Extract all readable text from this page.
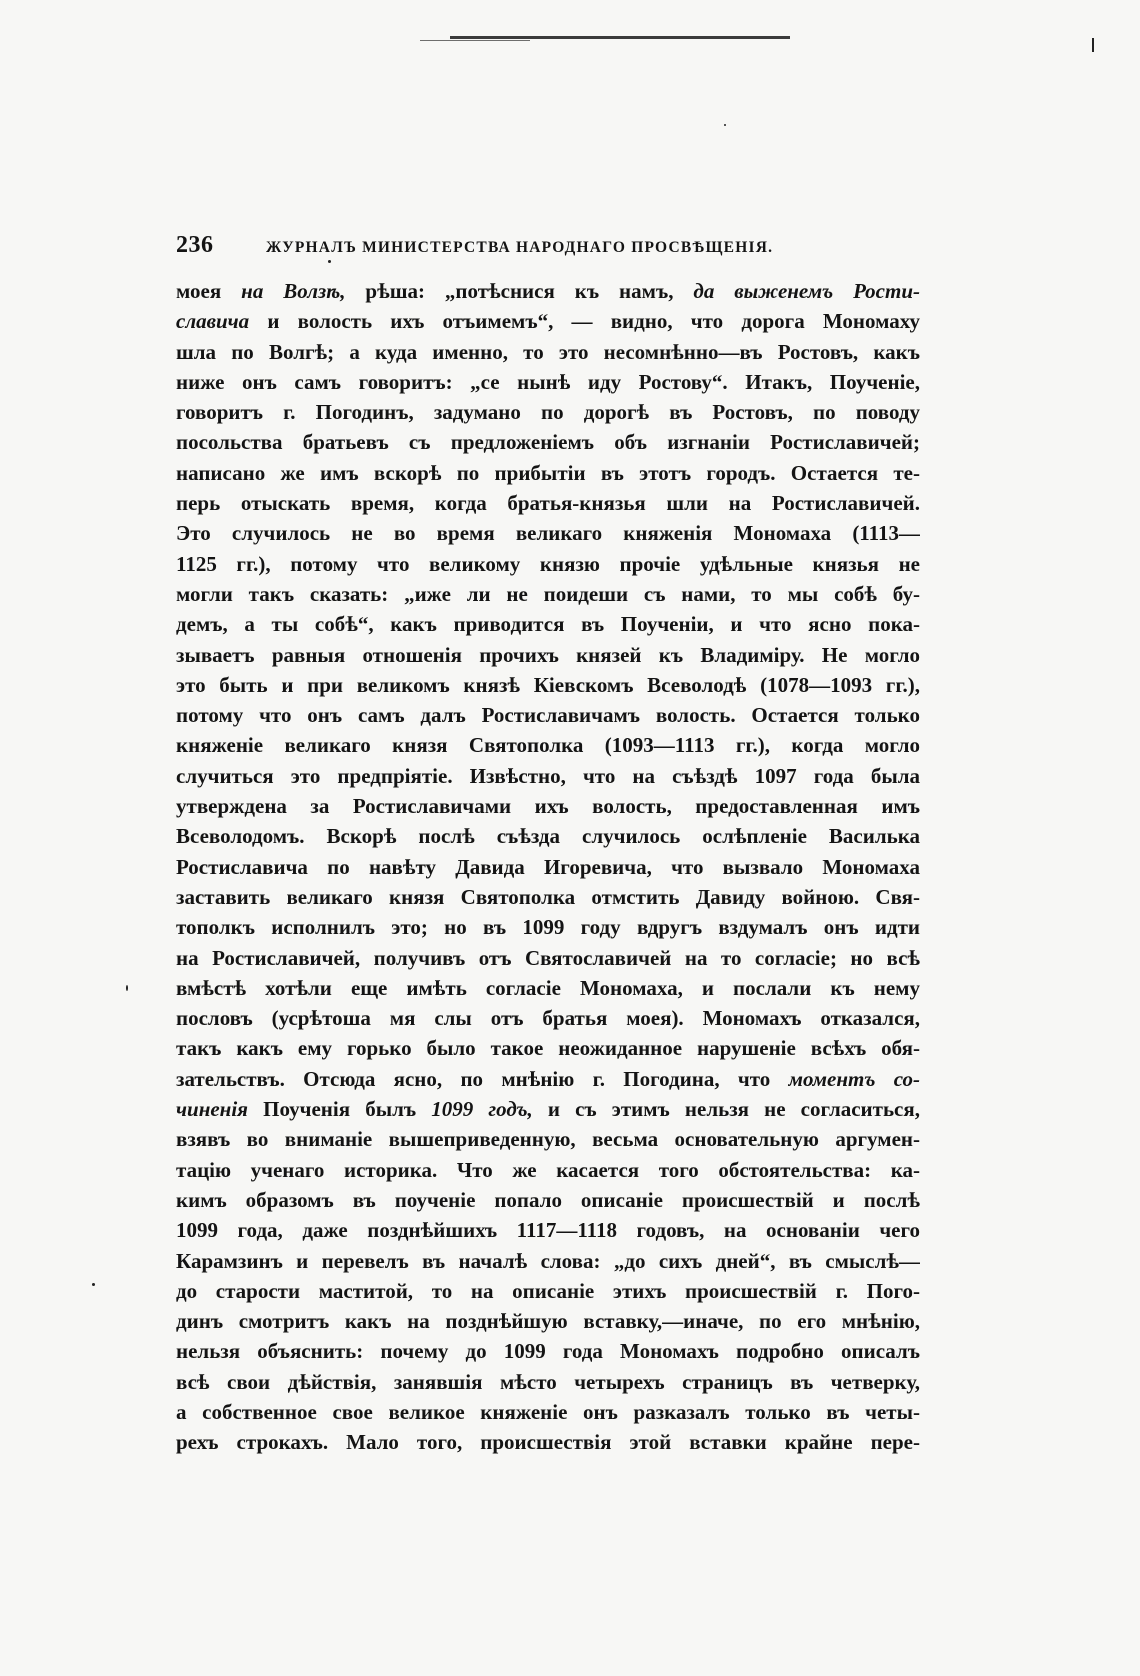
236	ЖУРНАЛЪ МИНИСТЕРСТВА НАРОДНАГО ПРОСВѢЩЕНІЯ.
моея на Волзѣ, рѣша: „потѣснися къ намъ, да выженемъ Рости-
славича и волость ихъ отъимемъ“, — видно, что дорога Мономаху
шла по Волгѣ; а куда именно, то это несомнѣнно—въ Ростовъ, какъ
ниже онъ самъ говоритъ: „се нынѣ иду Ростову“. Итакъ, Поученіе,
говоритъ г. Погодинъ, задумано по дорогѣ въ Ростовъ, по поводу
посольства братьевъ съ предложеніемъ объ изгнаніи Ростиславичей;
написано же имъ вскорѣ по прибытіи въ этотъ городъ. Остается те-
перь отыскать время, когда братья-князья шли на Ростиславичей.
Это случилось не во время великаго княженія Мономаха (1113—
1125 гг.), потому что великому князю прочіе удѣльные князья не
могли такъ сказать: „иже ли не поидеши съ нами, то мы собѣ бу-
демъ, а ты собѣ“, какъ приводится въ Поученіи, и что ясно пока-
зываетъ равныя отношенія прочихъ князей къ Владиміру. Не могло
это быть и при великомъ князѣ Кіевскомъ Всеволодѣ (1078—1093 гг.),
потому что онъ самъ далъ Ростиславичамъ волость. Остается только
княженіе великаго князя Святополка (1093—1113 гг.), когда могло
случиться это предпріятіе. Извѣстно, что на съѣздѣ 1097 года была
утверждена за Ростиславичами ихъ волость, предоставленная имъ
Всеволодомъ. Вскорѣ послѣ съѣзда случилось ослѣпленіе Василька
Ростиславича по навѣту Давида Игоревича, что вызвало Мономаха
заставить великаго князя Святополка отмстить Давиду войною. Свя-
тополкъ исполнилъ это; но въ 1099 году вдругъ вздумалъ онъ идти
на Ростиславичей, получивъ отъ Святославичей на то согласіе; но всѣ
вмѣстѣ хотѣли еще имѣть согласіе Мономаха, и послали къ нему
пословъ (усрѣтоша мя слы отъ братья моея). Мономахъ отказался,
такъ какъ ему горько было такое неожиданное нарушеніе всѣхъ обя-
зательствъ. Отсюда ясно, по мнѣнію г. Погодина, что моментъ со-
чиненія Поученія былъ 1099 годъ, и съ этимъ нельзя не согласиться,
взявъ во вниманіе вышеприведенную, весьма основательную аргумен-
тацію ученаго историка. Что же касается того обстоятельства: ка-
кимъ образомъ въ поученіе попало описаніе происшествій и послѣ
1099 года, даже позднѣйшихъ 1117—1118 годовъ, на основаніи чего
Карамзинъ и перевелъ въ началѣ слова: „до сихъ дней“, въ смыслѣ—
до старости маститой, то на описаніе этихъ происшествій г. Пого-
динъ смотритъ какъ на позднѣйшую вставку,—иначе, по его мнѣнію,
нельзя объяснить: почему до 1099 года Мономахъ подробно описалъ
всѣ свои дѣйствія, занявшія мѣсто четырехъ страницъ въ четверку,
а собственное свое великое княженіе онъ разказалъ только въ четы-
рехъ строкахъ. Мало того, происшествія этой вставки крайне пере-
